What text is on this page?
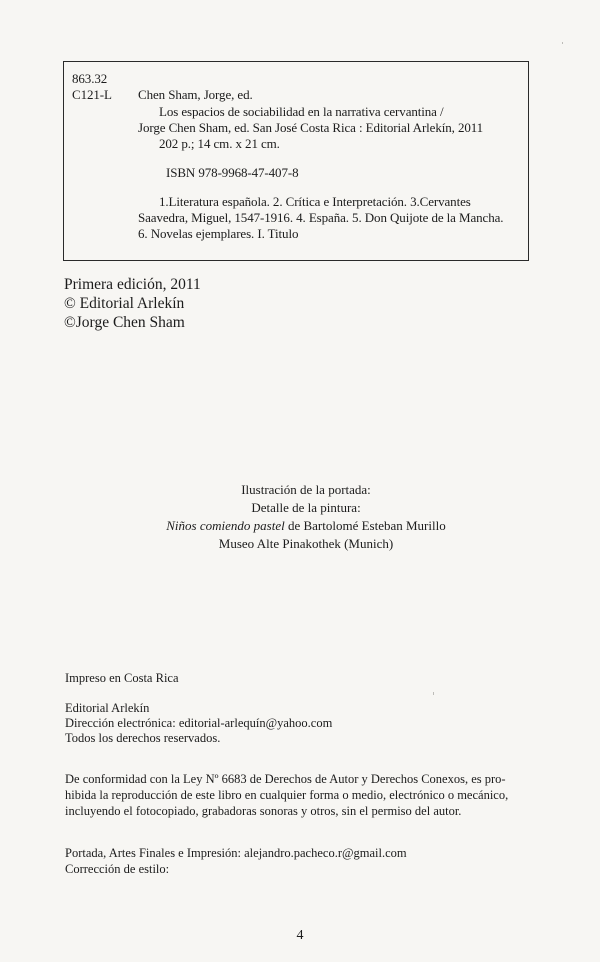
863.32
C121-L Chen Sham, Jorge, ed.
Los espacios de sociabilidad en la narrativa cervantina /
Jorge Chen Sham, ed. San José Costa Rica : Editorial Arlekín, 2011
202 p.; 14 cm. x 21 cm.
ISBN 978-9968-47-407-8
1.Literatura española. 2. Crítica e Interpretación. 3.Cervantes
Saavedra, Miguel, 1547-1916. 4. España. 5. Don Quijote de la Mancha.
6. Novelas ejemplares. I. Titulo
Primera edición, 2011
© Editorial Arlekín
©Jorge Chen Sham
Ilustración de la portada:
Detalle de la pintura:
Niños comiendo pastel de Bartolomé Esteban Murillo
Museo Alte Pinakothek (Munich)
Impreso en Costa Rica
Editorial Arlekín
Dirección electrónica: editorial-arlequín@yahoo.com
Todos los derechos reservados.
De conformidad con la Ley Nº 6683 de Derechos de Autor y Derechos Conexos, es pro-
hibida la reproducción de este libro en cualquier forma o medio, electrónico o mecánico,
incluyendo el fotocopiado, grabadoras sonoras y otros, sin el permiso del autor.
Portada, Artes Finales e Impresión: alejandro.pacheco.r@gmail.com
Corrección de estilo:
4
